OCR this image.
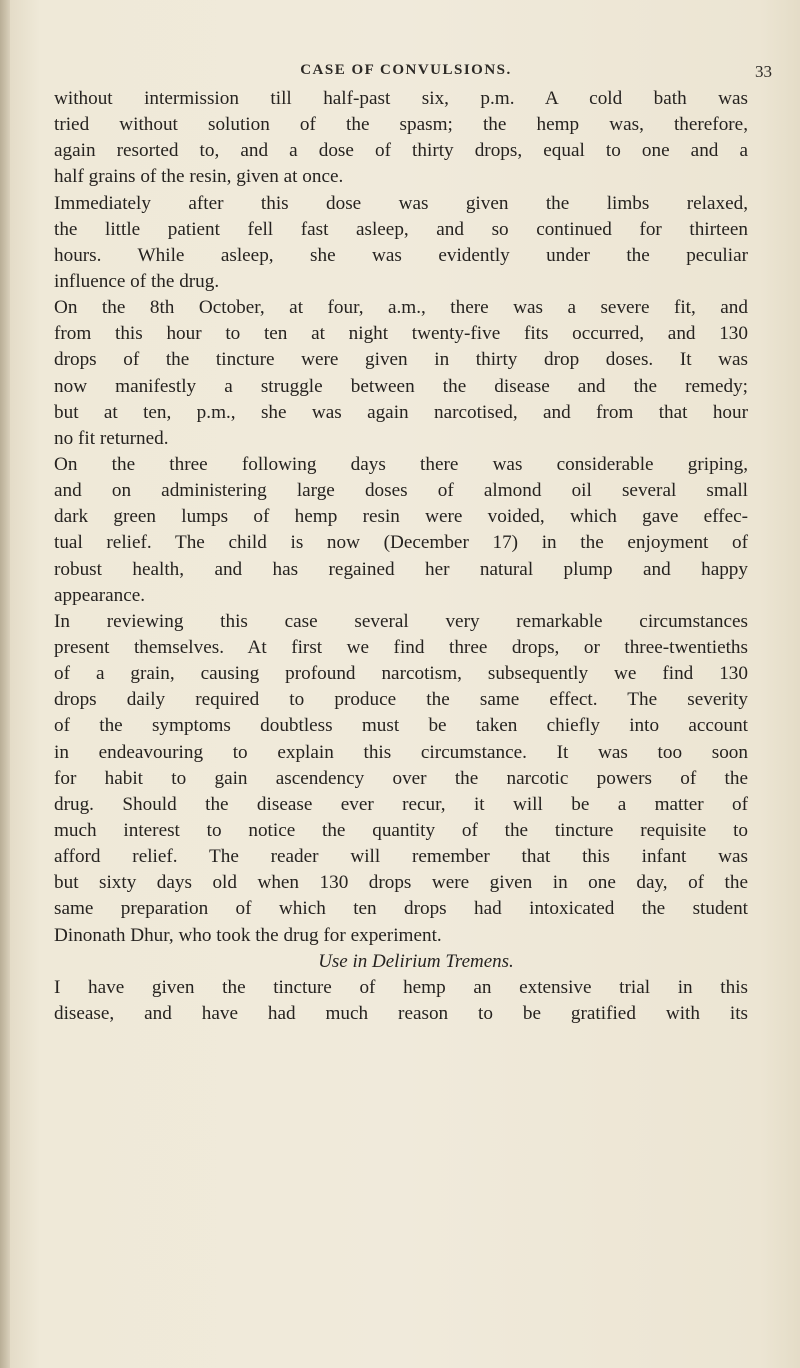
CASE OF CONVULSIONS.	33
without intermission till half-past six, p.m. A cold bath was
tried without solution of the spasm; the hemp was, therefore,
again resorted to, and a dose of thirty drops, equal to one and a
half grains of the resin, given at once.
Immediately after this dose was given the limbs relaxed,
the little patient fell fast asleep, and so continued for thirteen
hours. While asleep, she was evidently under the peculiar
influence of the drug.
On the 8th October, at four, a.m., there was a severe fit, and
from this hour to ten at night twenty-five fits occurred, and 130
drops of the tincture were given in thirty drop doses. It was
now manifestly a struggle between the disease and the remedy;
but at ten, p.m., she was again narcotised, and from that hour
no fit returned.
On the three following days there was considerable griping,
and on administering large doses of almond oil several small
dark green lumps of hemp resin were voided, which gave effec-
tual relief. The child is now (December 17) in the enjoyment of
robust health, and has regained her natural plump and happy
appearance.
In reviewing this case several very remarkable circumstances
present themselves. At first we find three drops, or three-twentieths
of a grain, causing profound narcotism, subsequently we find 130
drops daily required to produce the same effect. The severity
of the symptoms doubtless must be taken chiefly into account
in endeavouring to explain this circumstance. It was too soon
for habit to gain ascendency over the narcotic powers of the
drug. Should the disease ever recur, it will be a matter of
much interest to notice the quantity of the tincture requisite to
afford relief. The reader will remember that this infant was
but sixty days old when 130 drops were given in one day, of the
same preparation of which ten drops had intoxicated the student
Dinonath Dhur, who took the drug for experiment.
Use in Delirium Tremens.
I have given the tincture of hemp an extensive trial in this
disease, and have had much reason to be gratified with its
